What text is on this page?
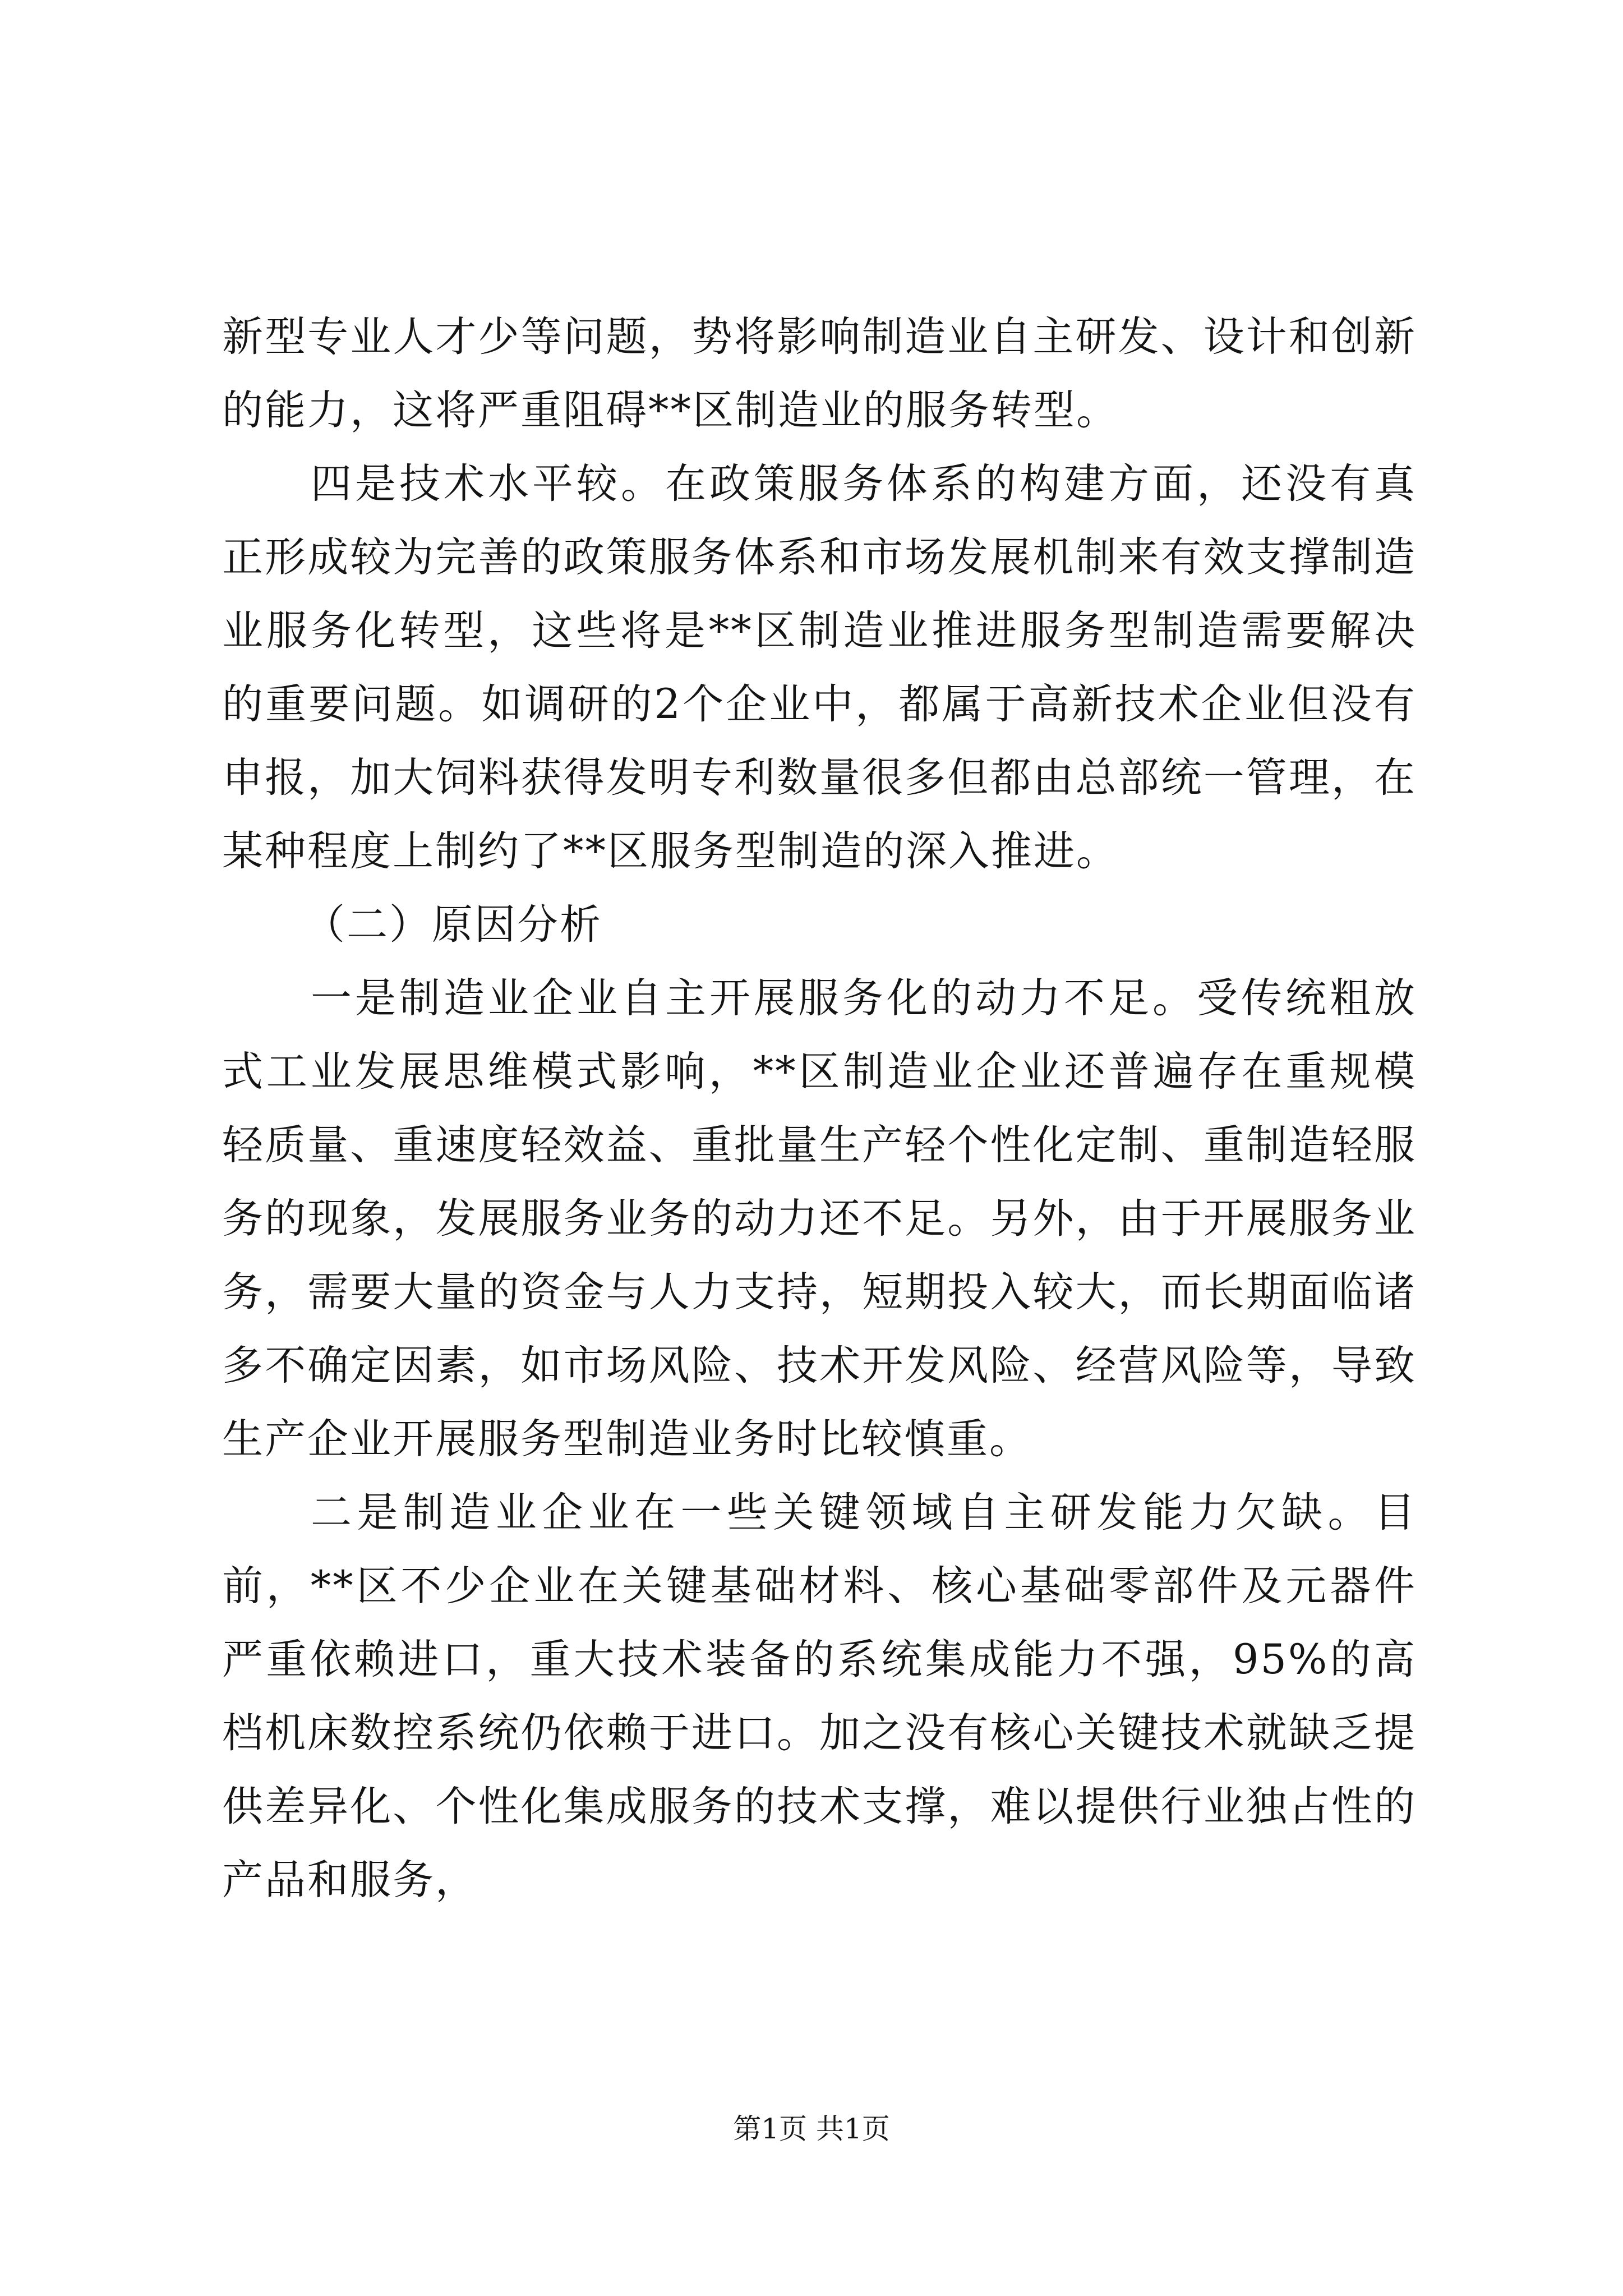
新型专业人才少等问题，势将影响制造业自主研发、设计和创新的能力，这将严重阻碍**区制造业的服务转型。

四是技术水平较。在政策服务体系的构建方面，还没有真正形成较为完善的政策服务体系和市场发展机制来有效支撑制造业服务化转型，这些将是**区制造业推进服务型制造需要解决的重要问题。如调研的2个企业中，都属于高新技术企业但没有申报，加大饲料获得发明专利数量很多但都由总部统一管理，在某种程度上制约了**区服务型制造的深入推进。

（二）原因分析

一是制造业企业自主开展服务化的动力不足。受传统粗放式工业发展思维模式影响，**区制造业企业还普遍存在重规模轻质量、重速度轻效益、重批量生产轻个性化定制、重制造轻服务的现象，发展服务业务的动力还不足。另外，由于开展服务业务，需要大量的资金与人力支持，短期投入较大，而长期面临诸多不确定因素，如市场风险、技术开发风险、经营风险等，导致生产企业开展服务型制造业务时比较慎重。

二是制造业企业在一些关键领域自主研发能力欠缺。目前，**区不少企业在关键基础材料、核心基础零部件及元器件严重依赖进口，重大技术装备的系统集成能力不强，95%的高档机床数控系统仍依赖于进口。加之没有核心关键技术就缺乏提供差异化、个性化集成服务的技术支撑，难以提供行业独占性的产品和服务，

第1页 共1页
